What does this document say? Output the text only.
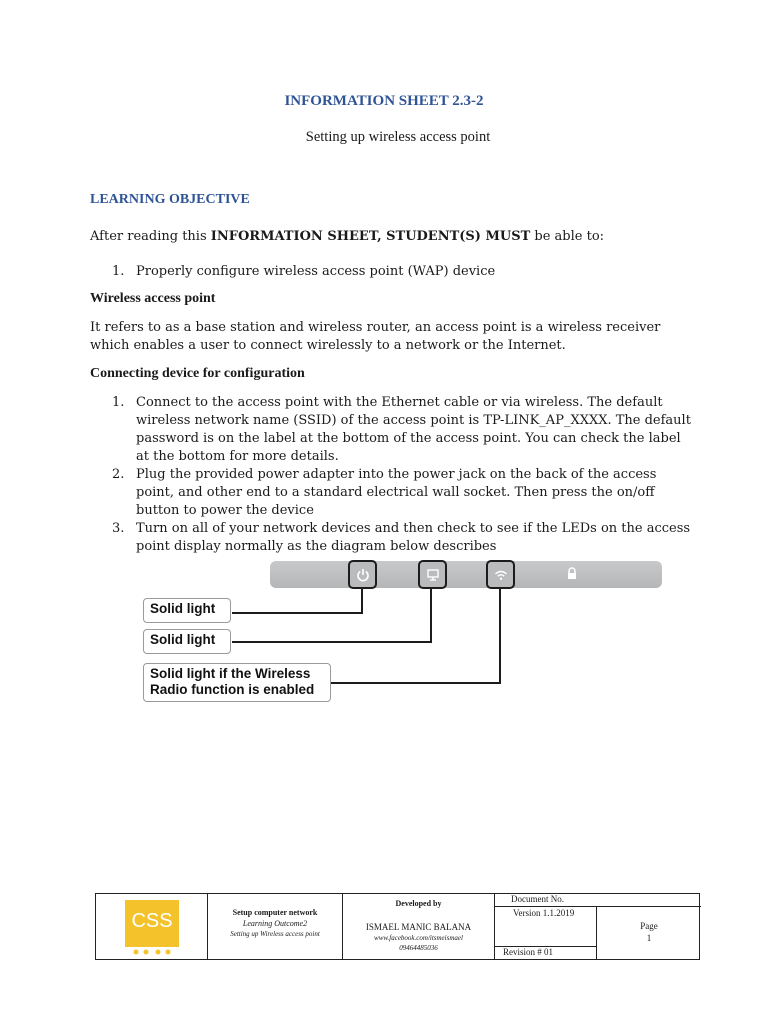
INFORMATION SHEET 2.3-2
Setting up wireless access point
LEARNING OBJECTIVE
After reading this INFORMATION SHEET, STUDENT(S) MUST be able to:
1. Properly configure wireless access point (WAP) device
Wireless access point
It refers to as a base station and wireless router, an access point is a wireless receiver
which enables a user to connect wirelessly to a network or the Internet.
Connecting device for configuration
1. Connect to the access point with the Ethernet cable or via wireless. The default
wireless network name (SSID) of the access point is TP-LINK_AP_XXXX. The default
password is on the label at the bottom of the access point. You can check the label
at the bottom for more details.
2. Plug the provided power adapter into the power jack on the back of the access
point, and other end to a standard electrical wall socket. Then press the on/off
button to power the device
3. Turn on all of your network devices and then check to see if the LEDs on the access
point display normally as the diagram below describes
Solid light
Solid light
Solid light if the Wireless
Radio function is enabled
CSS	Setup computer network
Learning Outcome2
Setting up Wireless access point
Developed by
ISMAEL MANIC BALANA
www.facebook.com/itsmeismael
09464485036
Document No.
Version 1.1.2019
Revision # 01
Page
1
